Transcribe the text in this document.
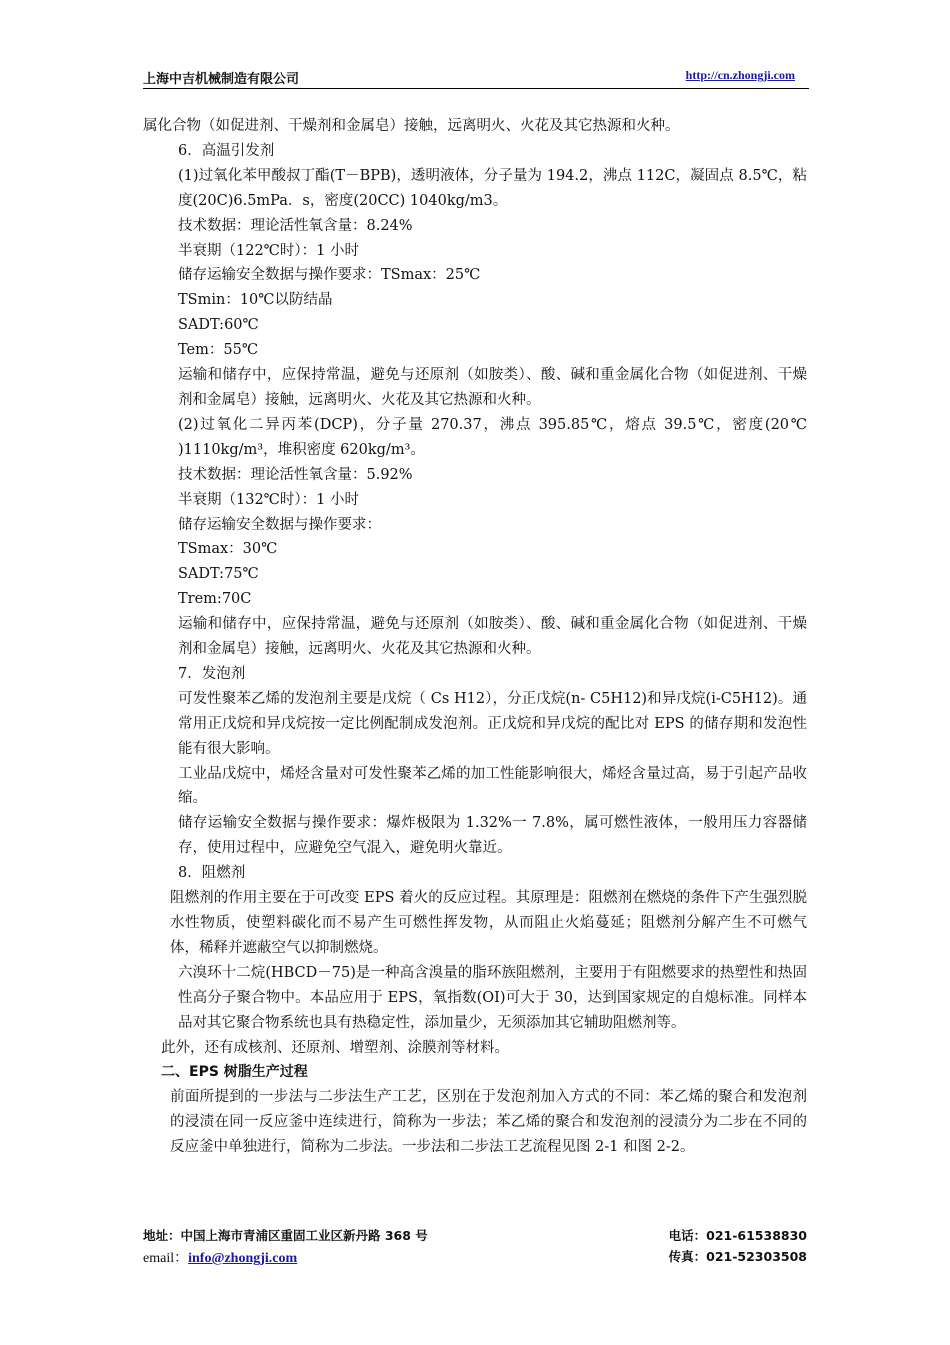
上海中吉机械制造有限公司	http://cn.zhongji.com

属化合物（如促进剂、干燥剂和金属皂）接触，远离明火、火花及其它热源和火种。

6．高温引发剂

(1)过氧化苯甲酸叔丁酯(T－BPB)，透明液体，分子量为 194.2，沸点 112C，凝固点 8.5℃，粘度(20C)6.5mPa．s，密度(20CC) 1040kg/m3。

技术数据：理论活性氧含量：8.24%

半衰期（122℃时）：1 小时

储存运输安全数据与操作要求：TSmax：25℃

TSmin：10℃以防结晶

SADT:60℃

Tem：55℃

运输和储存中，应保持常温，避免与还原剂（如胺类）、酸、碱和重金属化合物（如促进剂、干燥剂和金属皂）接触，远离明火、火花及其它热源和火种。

(2)过氧化二异丙苯(DCP)，分子量 270.37，沸点 395.85℃，熔点 39.5℃，密度(20℃ )1110kg/m³，堆积密度 620kg/m³。

技术数据：理论活性氧含量：5.92%

半衰期（132℃时）：1 小时

储存运输安全数据与操作要求：

TSmax：30℃

SADT:75℃

Trem:70C

运输和储存中，应保持常温，避免与还原剂（如胺类）、酸、碱和重金属化合物（如促进剂、干燥剂和金属皂）接触，远离明火、火花及其它热源和火种。

7．发泡剂

可发性聚苯乙烯的发泡剂主要是戊烷（ Cs H12），分正戊烷(n- C5H12)和异戊烷(i-C5H12)。通常用正戊烷和异戊烷按一定比例配制成发泡剂。正戊烷和异戊烷的配比对 EPS 的储存期和发泡性能有很大影响。

工业品戊烷中，烯烃含量对可发性聚苯乙烯的加工性能影响很大，烯烃含量过高，易于引起产品收缩。

储存运输安全数据与操作要求：爆炸极限为 1.32%一 7.8%，属可燃性液体，一般用压力容器储存，使用过程中，应避免空气混入，避免明火靠近。

8．阻燃剂

阻燃剂的作用主要在于可改变 EPS 着火的反应过程。其原理是：阻燃剂在燃烧的条件下产生强烈脱水性物质，使塑料碳化而不易产生可燃性挥发物，从而阻止火焰蔓延；阻燃剂分解产生不可燃气体，稀释并遮蔽空气以抑制燃烧。

六溴环十二烷(HBCD－75)是一种高含溴量的脂环族阻燃剂，主要用于有阻燃要求的热塑性和热固性高分子聚合物中。本品应用于 EPS，氧指数(OI)可大于 30，达到国家规定的自熄标准。同样本品对其它聚合物系统也具有热稳定性，添加量少，无须添加其它辅助阻燃剂等。

此外，还有成核剂、还原剂、增塑剂、涂膜剂等材料。

二、EPS 树脂生产过程

前面所提到的一步法与二步法生产工艺，区别在于发泡剂加入方式的不同：苯乙烯的聚合和发泡剂的浸渍在同一反应釜中连续进行，简称为一步法；苯乙烯的聚合和发泡剂的浸渍分为二步在不同的反应釜中单独进行，简称为二步法。一步法和二步法工艺流程见图 2-1 和图 2-2。

地址：中国上海市青浦区重固工业区新丹路 368 号
email：info@zhongji.com
电话：021-61538830
传真：021-52303508
